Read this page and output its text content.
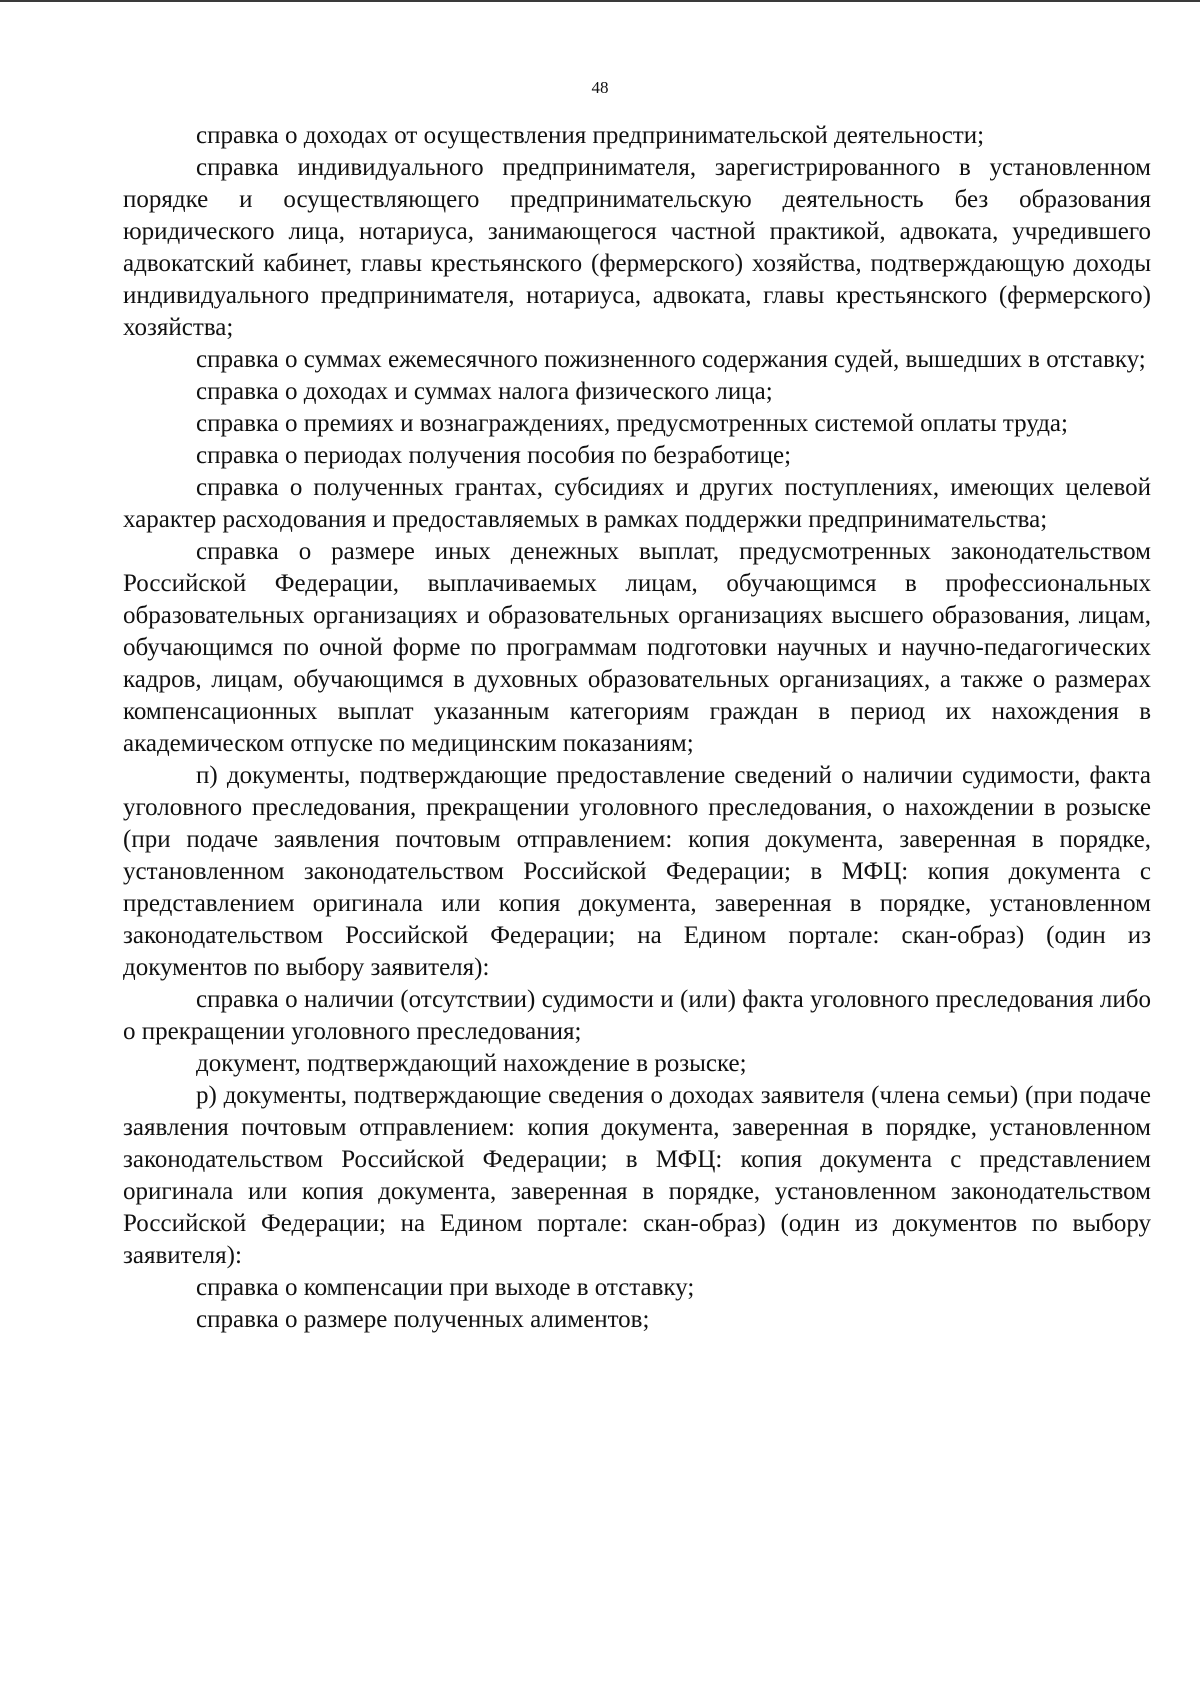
48

справка о доходах от осуществления предпринимательской деятельности;

справка индивидуального предпринимателя, зарегистрированного в установленном порядке и осуществляющего предпринимательскую деятельность без образования юридического лица, нотариуса, занимающегося частной практикой, адвоката, учредившего адвокатский кабинет, главы крестьянского (фермерского) хозяйства, подтверждающую доходы индивидуального предпринимателя, нотариуса, адвоката, главы крестьянского (фермерского) хозяйства;

справка о суммах ежемесячного пожизненного содержания судей, вышедших в отставку;

справка о доходах и суммах налога физического лица;

справка о премиях и вознаграждениях, предусмотренных системой оплаты труда;

справка о периодах получения пособия по безработице;

справка о полученных грантах, субсидиях и других поступлениях, имеющих целевой характер расходования и предоставляемых в рамках поддержки предпринимательства;

справка о размере иных денежных выплат, предусмотренных законодательством Российской Федерации, выплачиваемых лицам, обучающимся в профессиональных образовательных организациях и образовательных организациях высшего образования, лицам, обучающимся по очной форме по программам подготовки научных и научно-педагогических кадров, лицам, обучающимся в духовных образовательных организациях, а также о размерах компенсационных выплат указанным категориям граждан в период их нахождения в академическом отпуске по медицинским показаниям;

п) документы, подтверждающие предоставление сведений о наличии судимости, факта уголовного преследования, прекращении уголовного преследования, о нахождении в розыске (при подаче заявления почтовым отправлением: копия документа, заверенная в порядке, установленном законодательством Российской Федерации; в МФЦ: копия документа с представлением оригинала или копия документа, заверенная в порядке, установленном законодательством Российской Федерации; на Едином портале: скан-образ) (один из документов по выбору заявителя):

справка о наличии (отсутствии) судимости и (или) факта уголовного преследования либо о прекращении уголовного преследования;

документ, подтверждающий нахождение в розыске;

р) документы, подтверждающие сведения о доходах заявителя (члена семьи) (при подаче заявления почтовым отправлением: копия документа, заверенная в порядке, установленном законодательством Российской Федерации; в МФЦ: копия документа с представлением оригинала или копия документа, заверенная в порядке, установленном законодательством Российской Федерации; на Едином портале: скан-образ) (один из документов по выбору заявителя):

справка о компенсации при выходе в отставку;

справка о размере полученных алиментов;
